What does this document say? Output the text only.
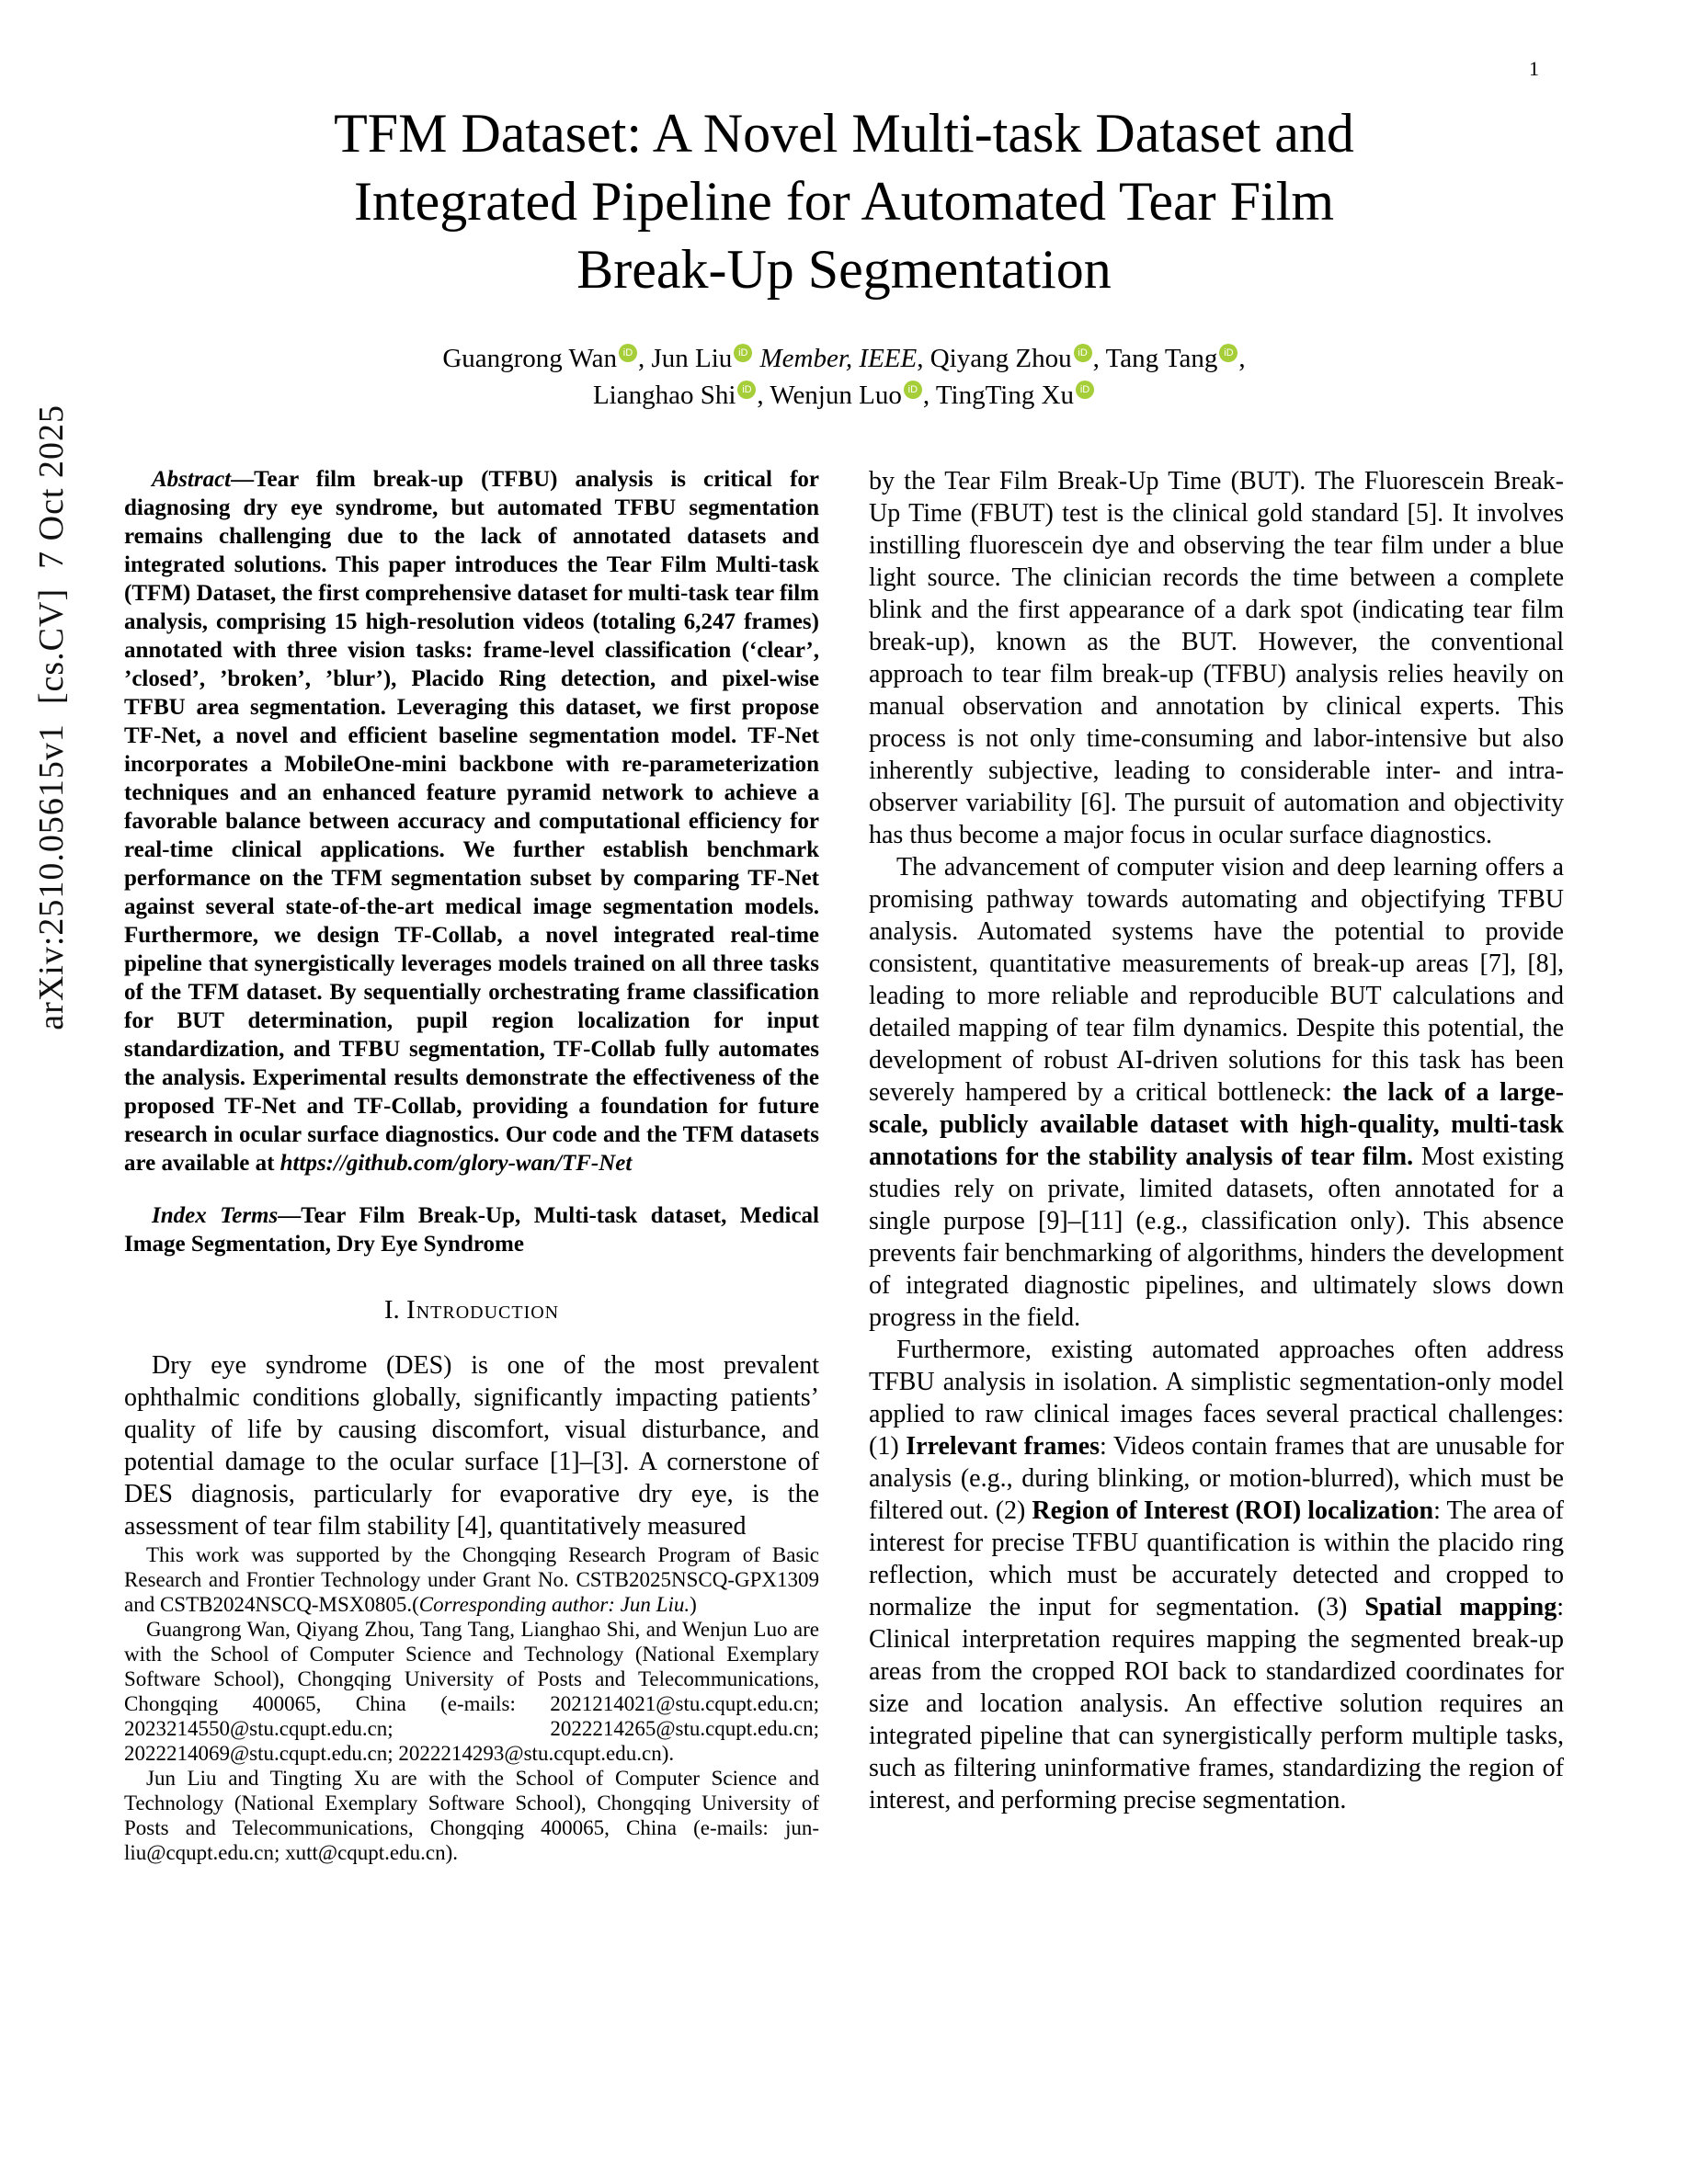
1
arXiv:2510.05615v1  [cs.CV]  7 Oct 2025
TFM Dataset: A Novel Multi-task Dataset and
Integrated Pipeline for Automated Tear Film
Break-Up Segmentation
Guangrong Wan iD , Jun Liu iD Member, IEEE, Qiyang Zhou iD , Tang Tang iD ,
Lianghao Shi iD , Wenjun Luo iD , TingTing Xu iD

Abstract—Tear film break-up (TFBU) analysis is critical for diagnosing dry eye syndrome, but automated TFBU segmentation remains challenging due to the lack of annotated datasets and integrated solutions. This paper introduces the Tear Film Multi-task (TFM) Dataset, the first comprehensive dataset for multi-task tear film analysis, comprising 15 high-resolution videos (totaling 6,247 frames) annotated with three vision tasks: frame-level classification (‘clear’, ’closed’, ’broken’, ’blur’), Placido Ring detection, and pixel-wise TFBU area segmentation. Leveraging this dataset, we first propose TF-Net, a novel and efficient baseline segmentation model. TF-Net incorporates a MobileOne-mini backbone with re-parameterization techniques and an enhanced feature pyramid network to achieve a favorable balance between accuracy and computational efficiency for real-time clinical applications. We further establish benchmark performance on the TFM segmentation subset by comparing TF-Net against several state-of-the-art medical image segmentation models. Furthermore, we design TF-Collab, a novel integrated real-time pipeline that synergistically leverages models trained on all three tasks of the TFM dataset. By sequentially orchestrating frame classification for BUT determination, pupil region localization for input standardization, and TFBU segmentation, TF-Collab fully automates the analysis. Experimental results demonstrate the effectiveness of the proposed TF-Net and TF-Collab, providing a foundation for future research in ocular surface diagnostics. Our code and the TFM datasets are available at https://github.com/glory-wan/TF-Net

Index Terms—Tear Film Break-Up, Multi-task dataset, Medical Image Segmentation, Dry Eye Syndrome

I. Introduction

Dry eye syndrome (DES) is one of the most prevalent ophthalmic conditions globally, significantly impacting patients’ quality of life by causing discomfort, visual disturbance, and potential damage to the ocular surface [1]–[3]. A cornerstone of DES diagnosis, particularly for evaporative dry eye, is the assessment of tear film stability [4], quantitatively measured

This work was supported by the Chongqing Research Program of Basic Research and Frontier Technology under Grant No. CSTB2025NSCQ-GPX1309 and CSTB2024NSCQ-MSX0805.(Corresponding author: Jun Liu.)

Guangrong Wan, Qiyang Zhou, Tang Tang, Lianghao Shi, and Wenjun Luo are with the School of Computer Science and Technology (National Exemplary Software School), Chongqing University of Posts and Telecommunications, Chongqing 400065, China (e-mails: 2021214021@stu.cqupt.edu.cn; 2023214550@stu.cqupt.edu.cn; 2022214265@stu.cqupt.edu.cn; 2022214069@stu.cqupt.edu.cn; 2022214293@stu.cqupt.edu.cn).

Jun Liu and Tingting Xu are with the School of Computer Science and Technology (National Exemplary Software School), Chongqing University of Posts and Telecommunications, Chongqing 400065, China (e-mails: jun-liu@cqupt.edu.cn; xutt@cqupt.edu.cn).

by the Tear Film Break-Up Time (BUT). The Fluorescein Break-Up Time (FBUT) test is the clinical gold standard [5]. It involves instilling fluorescein dye and observing the tear film under a blue light source. The clinician records the time between a complete blink and the first appearance of a dark spot (indicating tear film break-up), known as the BUT. However, the conventional approach to tear film break-up (TFBU) analysis relies heavily on manual observation and annotation by clinical experts. This process is not only time-consuming and labor-intensive but also inherently subjective, leading to considerable inter- and intra-observer variability [6]. The pursuit of automation and objectivity has thus become a major focus in ocular surface diagnostics.

The advancement of computer vision and deep learning offers a promising pathway towards automating and objectifying TFBU analysis. Automated systems have the potential to provide consistent, quantitative measurements of break-up areas [7], [8], leading to more reliable and reproducible BUT calculations and detailed mapping of tear film dynamics. Despite this potential, the development of robust AI-driven solutions for this task has been severely hampered by a critical bottleneck: the lack of a large-scale, publicly available dataset with high-quality, multi-task annotations for the stability analysis of tear film. Most existing studies rely on private, limited datasets, often annotated for a single purpose [9]–[11] (e.g., classification only). This absence prevents fair benchmarking of algorithms, hinders the development of integrated diagnostic pipelines, and ultimately slows down progress in the field.

Furthermore, existing automated approaches often address TFBU analysis in isolation. A simplistic segmentation-only model applied to raw clinical images faces several practical challenges: (1) Irrelevant frames: Videos contain frames that are unusable for analysis (e.g., during blinking, or motion-blurred), which must be filtered out. (2) Region of Interest (ROI) localization: The area of interest for precise TFBU quantification is within the placido ring reflection, which must be accurately detected and cropped to normalize the input for segmentation. (3) Spatial mapping: Clinical interpretation requires mapping the segmented break-up areas from the cropped ROI back to standardized coordinates for size and location analysis. An effective solution requires an integrated pipeline that can synergistically perform multiple tasks, such as filtering uninformative frames, standardizing the region of interest, and performing precise segmentation.
